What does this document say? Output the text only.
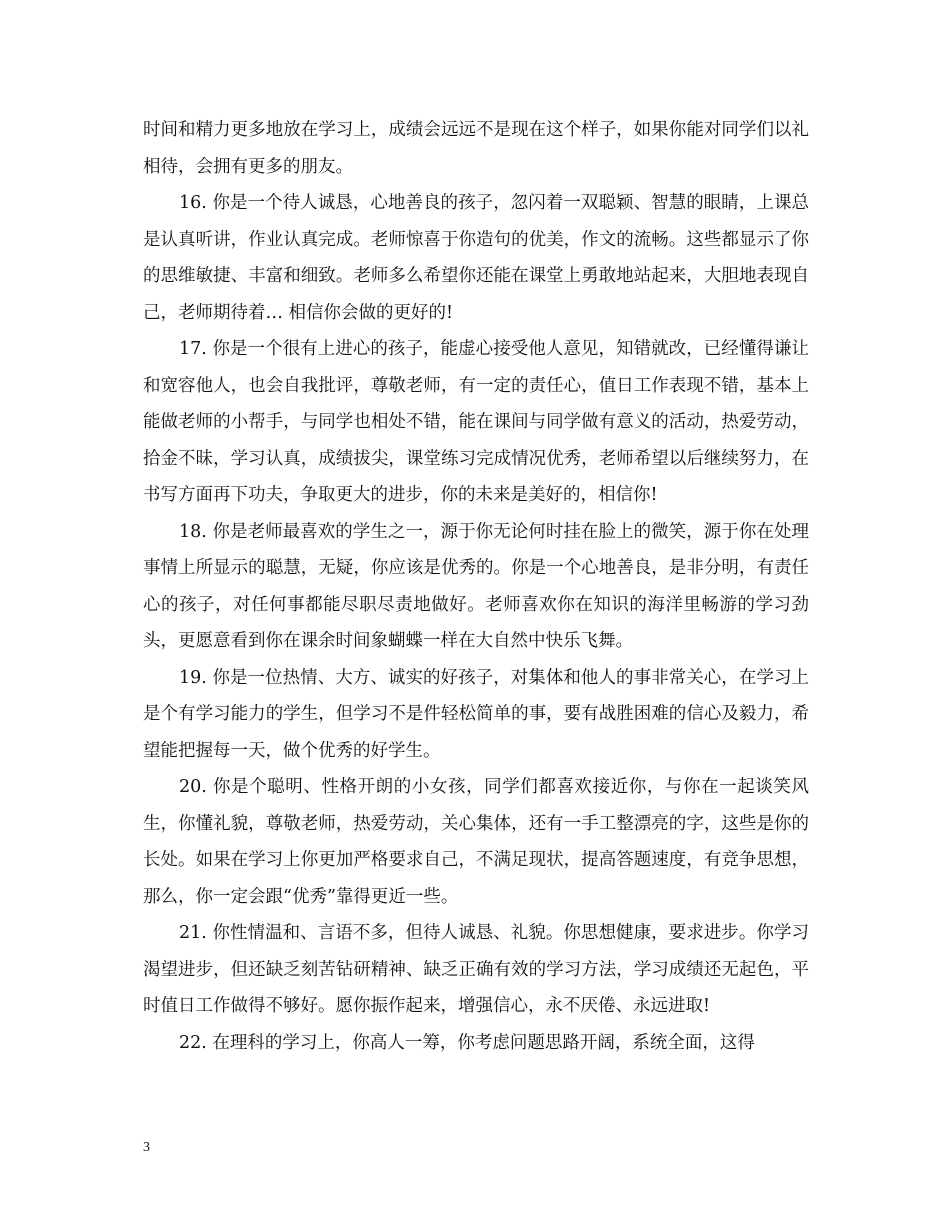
时间和精力更多地放在学习上，成绩会远远不是现在这个样子，如果你能对同学们以礼相待，会拥有更多的朋友。

16. 你是一个待人诚恳，心地善良的孩子，忽闪着一双聪颖、智慧的眼睛，上课总是认真听讲，作业认真完成。老师惊喜于你造句的优美，作文的流畅。这些都显示了你的思维敏捷、丰富和细致。老师多么希望你还能在课堂上勇敢地站起来，大胆地表现自己，老师期待着… 相信你会做的更好的!

17. 你是一个很有上进心的孩子，能虚心接受他人意见，知错就改，已经懂得谦让和宽容他人，也会自我批评，尊敬老师，有一定的责任心，值日工作表现不错，基本上能做老师的小帮手，与同学也相处不错，能在课间与同学做有意义的活动，热爱劳动，拾金不昧，学习认真，成绩拔尖，课堂练习完成情况优秀，老师希望以后继续努力，在书写方面再下功夫，争取更大的进步，你的未来是美好的，相信你!

18. 你是老师最喜欢的学生之一，源于你无论何时挂在脸上的微笑，源于你在处理事情上所显示的聪慧，无疑，你应该是优秀的。你是一个心地善良，是非分明，有责任心的孩子，对任何事都能尽职尽责地做好。老师喜欢你在知识的海洋里畅游的学习劲头，更愿意看到你在课余时间象蝴蝶一样在大自然中快乐飞舞。

19. 你是一位热情、大方、诚实的好孩子，对集体和他人的事非常关心，在学习上是个有学习能力的学生，但学习不是件轻松简单的事，要有战胜困难的信心及毅力，希望能把握每一天，做个优秀的好学生。

20. 你是个聪明、性格开朗的小女孩，同学们都喜欢接近你，与你在一起谈笑风生，你懂礼貌，尊敬老师，热爱劳动，关心集体，还有一手工整漂亮的字，这些是你的长处。如果在学习上你更加严格要求自己，不满足现状，提高答题速度，有竞争思想，那么，你一定会跟“优秀”靠得更近一些。

21. 你性情温和、言语不多，但待人诚恳、礼貌。你思想健康，要求进步。你学习渴望进步，但还缺乏刻苦钻研精神、缺乏正确有效的学习方法，学习成绩还无起色，平时值日工作做得不够好。愿你振作起来，增强信心，永不厌倦、永远进取!

22. 在理科的学习上，你高人一筹，你考虑问题思路开阔，系统全面，这得

3
